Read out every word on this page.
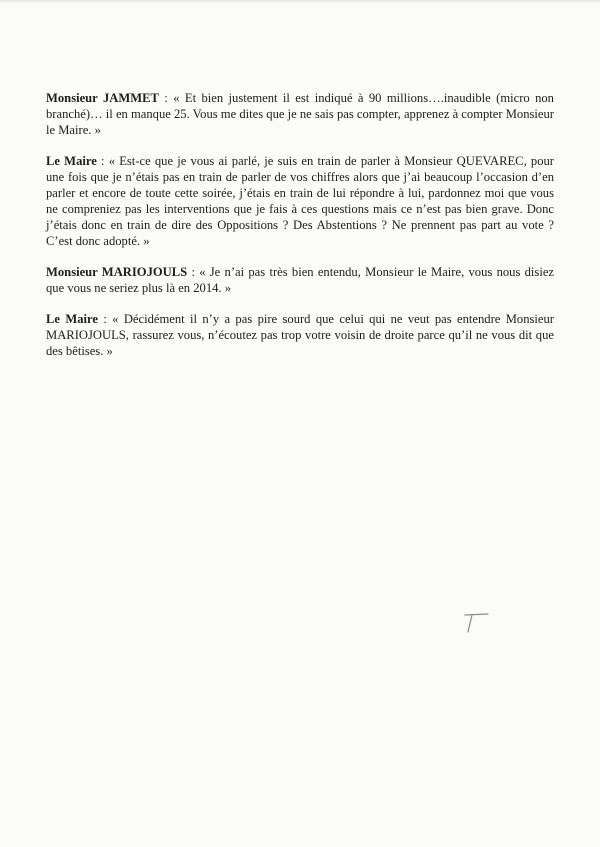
Monsieur JAMMET : « Et bien justement il est indiqué à 90 millions….inaudible (micro non branché)… il en manque 25. Vous me dites que je ne sais pas compter, apprenez à compter Monsieur le Maire. »

Le Maire : « Est-ce que je vous ai parlé, je suis en train de parler à Monsieur QUEVAREC, pour une fois que je n’étais pas en train de parler de vos chiffres alors que j’ai beaucoup l’occasion d’en parler et encore de toute cette soirée, j’étais en train de lui répondre à lui, pardonnez moi que vous ne compreniez pas les interventions que je fais à ces questions mais ce n’est pas bien grave. Donc j’étais donc en train de dire des Oppositions ? Des Abstentions ? Ne prennent pas part au vote ? C’est donc adopté. »

Monsieur MARIOJOULS : « Je n’ai pas très bien entendu, Monsieur le Maire, vous nous disiez que vous ne seriez plus là en 2014. »

Le Maire : « Décidément il n’y a pas pire sourd que celui qui ne veut pas entendre Monsieur MARIOJOULS, rassurez vous, n’écoutez pas trop votre voisin de droite parce qu’il ne vous dit que des bêtises. »
